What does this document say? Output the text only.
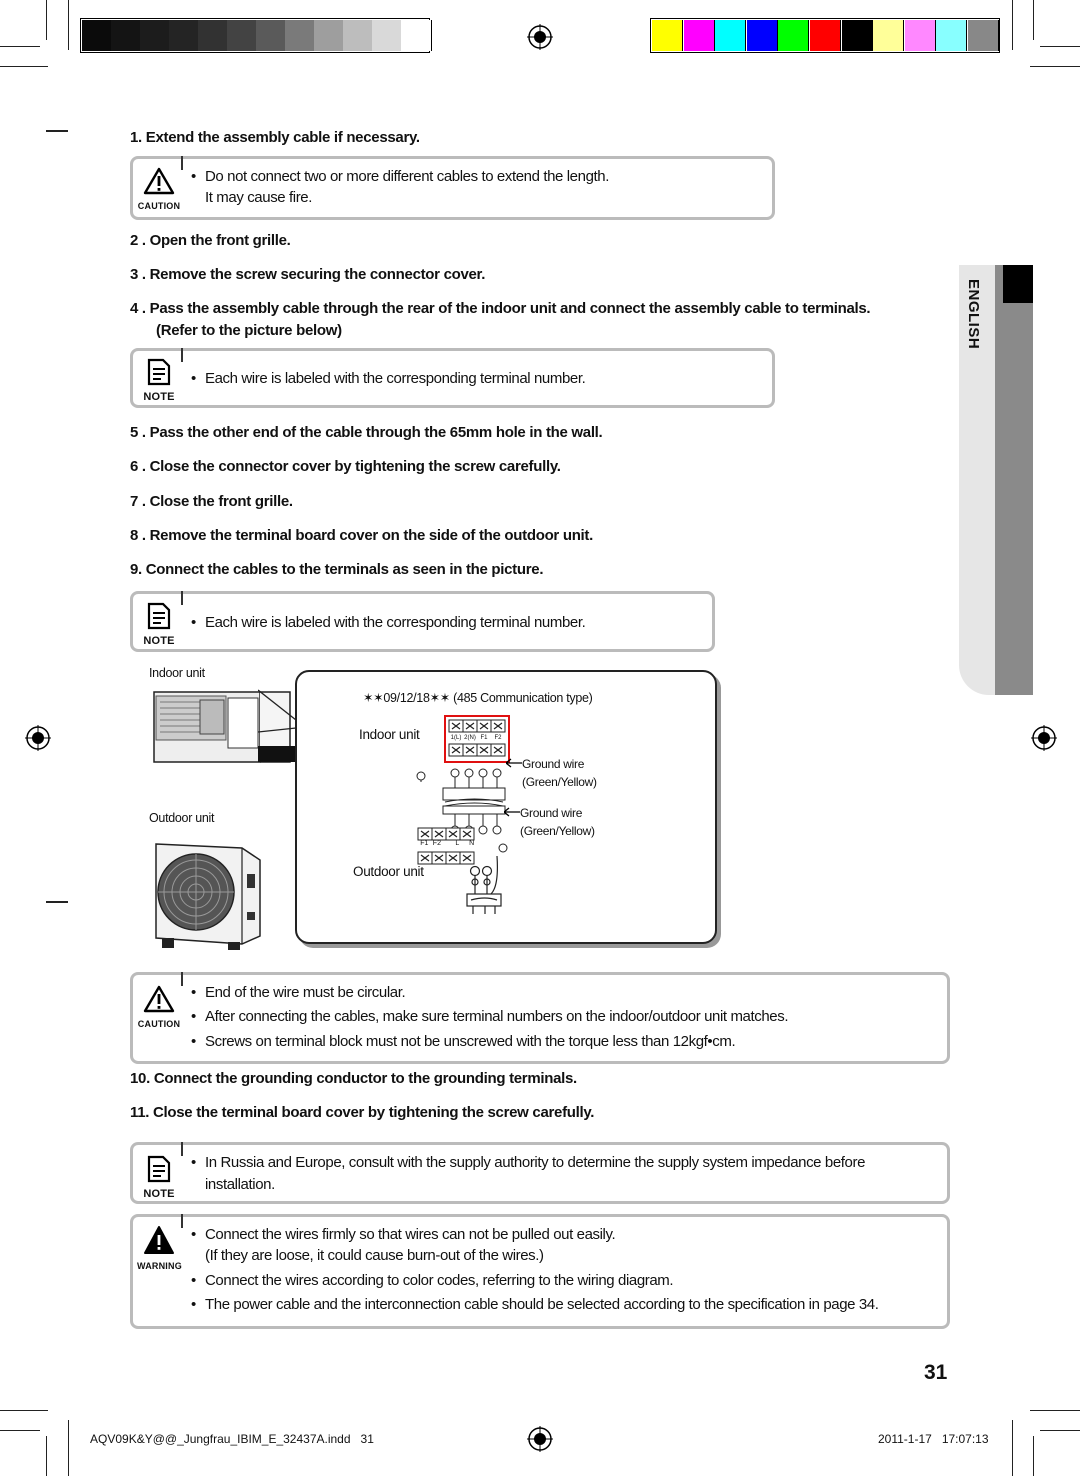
ENGLISH
1. Extend the assembly cable if necessary.
CAUTION
• Do not connect two or more different cables to extend the length.
It may cause fire.
2 . Open the front grille.
3 . Remove the screw securing the connector cover.
4 . Pass the assembly cable through the rear of the indoor unit and connect the assembly cable to terminals.
(Refer to the picture below)
NOTE
• Each wire is labeled with the corresponding terminal number.
5 . Pass the other end of the cable through the 65mm hole in the wall.
6 . Close the connector cover by tightening the screw carefully.
7 . Close the front grille.
8 . Remove the terminal board cover on the side of the outdoor unit.
9. Connect the cables to the terminals as seen in the picture.
NOTE
• Each wire is labeled with the corresponding terminal number.
Indoor unit
Outdoor unit
✶✶09/12/18✶✶ (485 Communication type)
Indoor unit
Outdoor unit
1(L) 2(N) F1	F2
F1 F2	L	N
Ground wire
(Green/Yellow)
Ground wire
(Green/Yellow)
CAUTION
• End of the wire must be circular.
• After connecting the cables, make sure terminal numbers on the indoor/outdoor unit matches.
• Screws on terminal block must not be unscrewed with the torque less than 12kgf•cm.
10. Connect the grounding conductor to the grounding terminals.
11. Close the terminal board cover by tightening the screw carefully.
NOTE
• In Russia and Europe, consult with the supply authority to determine the supply system impedance before
installation.
WARNING
• Connect the wires firmly so that wires can not be pulled out easily.
(If they are loose, it could cause burn-out of the wires.)
• Connect the wires according to color codes, referring to the wiring diagram.
• The power cable and the interconnection cable should be selected according to the specification in page 34.
31
AQV09K&Y@@_Jungfrau_IBIM_E_32437A.indd   31	2011-1-17   17:07:13
